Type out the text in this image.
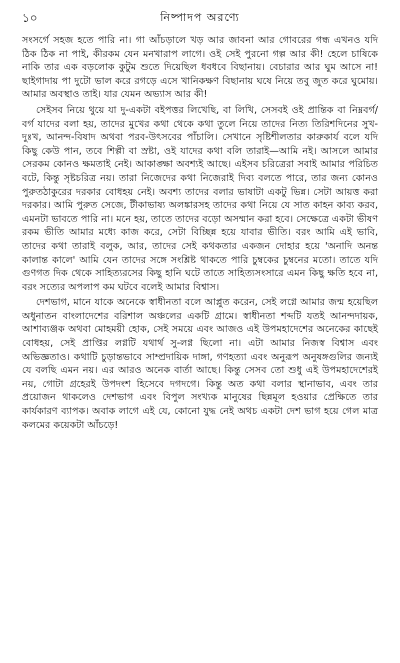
১০	নিষ্পাদপ অরণ্যে

সংসর্গে সহজ হতে পারি না। গা আঁচড়ালে খড় আর জাবনা আর গোবরের গন্ধ এখনও যদি ঠিক ঠিক না পাই, কীরকম যেন মনখারাপ লাগে। ওই সেই পুরনো গল্প আর কী! হেলে চাষিকে নাকি তার এক বড়লোক কুটুম শুতে দিয়েছিল ধবধবে বিছানায়। বেচারার আর ঘুম আসে না! ছাইগাদায় পা দুটো ভাল করে রগড়ে এসে খানিকক্ষণ বিছানায় ঘষে নিয়ে তবু জুত করে ঘুমোয়। আমার অবস্থাও তাই। যার যেমন অভ্যাস আর কী!

সেইসব নিয়ে থুয়ে যা দু-একটা বইপত্তর লিখেছি, বা লিখি, সেসবই ওই প্রান্তিক বা নিম্নবর্গ/বর্গ যাদের বলা হয়, তাদের মুখের কথা থেকে কথা তুলে নিয়ে তাদের নিত্য তিরিশদিনের সুখ-দুঃখ, আনন্দ-বিষাদ অথবা পরব-উৎসবের পাঁচালি। সেখানে সৃষ্টিশীলতার কারুকার্য বলে যদি কিছু কেউ পান, তবে শিল্পী বা স্রষ্টা, ওই যাদের কথা বলি তারাই—আমি নই। আসলে আমার সেরকম কোনও ক্ষমতাই নেই। আকাঙ্ক্ষা অবশ্যই আছে। এইসব চরিত্রেরা সবাই আমার পরিচিত বটে, কিন্তু সৃষ্টচরিত্র নয়। তারা নিজেদের কথা নিজেরাই দিব্য বলতে পারে, তার জন্য কোনও পুরুতঠাকুরের দরকার বোধহয় নেই। অবশ্য তাদের বলার ভাষাটা একটু ভিন্ন। সেটা আয়ত্ত করা দরকার। আমি পুরুত সেজে, টীকাভাষ্য অলঙ্কারসহ তাদের কথা নিয়ে যে সাত কাহন কাব্য করব, এমনটা ভাবতে পারি না। মনে হয়, তাতে তাদের বড়ো অসম্মান করা হবে। সেক্ষেত্রে একটা ভীষণ রকম ভীতি আমার মধ্যে কাজ করে, সেটা বিচ্ছিন্ন হয়ে যাবার ভীতি। বরং আমি এই ভাবি, তাদের কথা তারাই বলুক, আর, তাদের সেই কথকতার একজন দোহার হয়ে 'অনাদি অনন্ত কালান্ত কালে' আমি যেন তাদের সঙ্গে সংশ্লিষ্ট থাকতে পারি চুম্বকের চুম্বনের মতো। তাতে যদি গুণগত দিক থেকে সাহিত্যরসের কিছু হানি ঘটে তাতে সাহিত্যসংসারে এমন কিছু ক্ষতি হবে না, বরং সত্যের অপলাপ কম ঘটবে বলেই আমার বিশ্বাস।

দেশভাগ, মানে যাকে অনেকে স্বাধীনতা বলে আপ্লুত করেন, সেই লগ্নে আমার জন্ম হয়েছিল অধুনাতন বাংলাদেশের বরিশাল অঞ্চলের একটি গ্রামে। স্বাধীনতা শব্দটি যতই আনন্দদায়ক, আশাব্যঞ্জক অথবা মোহময়ী হোক, সেই সময়ে এবং আজও এই উপমহাদেশের অনেকের কাছেই বোধহয়, সেই প্রাপ্তির লগ্নটি যথার্থ সু-লগ্ন ছিলো না। এটা আমার নিজস্ব বিশ্বাস এবং অভিজ্ঞতাও। কথাটি চুড়ান্তভাবে সাম্প্রদায়িক দাঙ্গা, গণহত্যা এবং অনুরূপ অনুষঙ্গগুলির জন্যই যে বলছি এমন নয়। এর আরও অনেক বার্তা আছে। কিন্তু সেসব তো শুধু এই উপমহাদেশেরই নয়, গোটা গ্রহেরই উপদংশ হিসেবে দগদগে। কিন্তু অত কথা বলার স্থানাভাব, এবং তার প্রয়োজন থাকলেও দেশভাগ এবং বিপুল সংখ্যক মানুষের ছিন্নমূল হওয়ার প্রেক্ষিতে তার কার্যকারণ ব্যাপক। অবাক লাগে এই যে, কোনো যুদ্ধ নেই অথচ একটা দেশ ভাগ হয়ে গেল মাত্র কলমের কয়েকটা আঁচড়ে!
